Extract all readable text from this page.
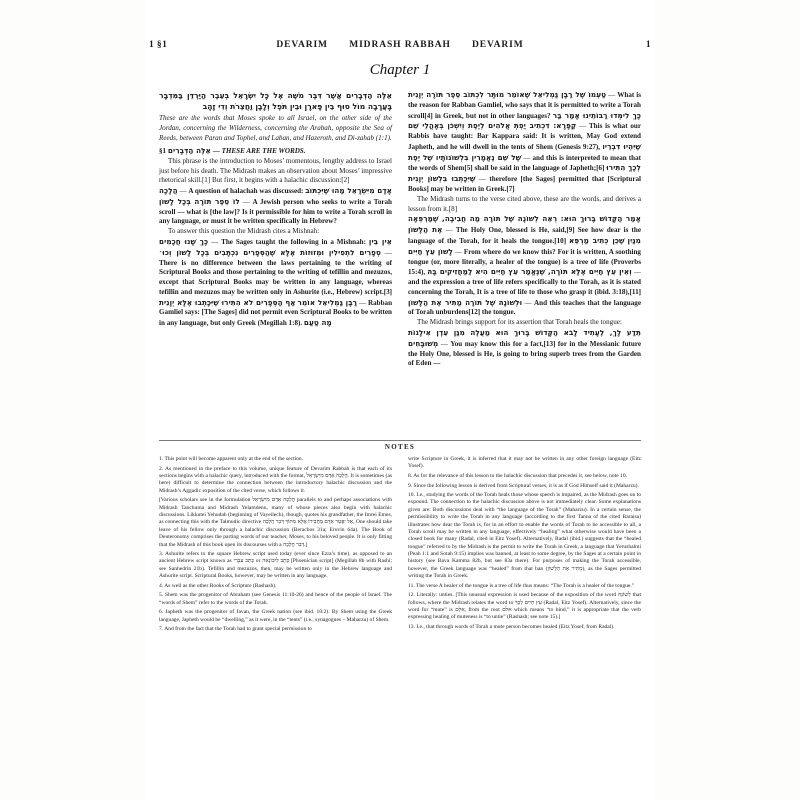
1 §1	DEVARIM MIDRASH RABBAH DEVARIM	1
Chapter 1

אֵלֶּה הַדְּבָרִים אֲשֶׁר דִּבֶּר מֹשֶׁה אֶל כָּל יִשְׂרָאֵל בְּעֵבֶר הַיַּרְדֵּן בַּמִּדְבָּר בָּעֲרָבָה מוֹל סוּף בֵּין פָּארָן וּבֵין תֹּפֶל וְלָבָן וַחֲצֵרֹת וְדִי זָהָב

These are the words that Moses spoke to all Israel, on the other side of the Jordan, concerning the Wilderness, concerning the Arabah, opposite the Sea of Reeds, between Paran and Tophel, and Laban, and Hazeroth, and Di-zahab (1:1).

§1 אֵלֶּה הַדְּבָרִים — THESE ARE THE WORDS.

This phrase is the introduction to Moses’ momentous, lengthy address to Israel just before his death. The Midrash makes an observation about Moses’ impressive rhetorical skill.[1] But first, it begins with a halachic discussion:[2]

הֲלָכָה — A question of halachah was discussed: אָדָם מִיִּשְׂרָאֵל מַהוּ שֶׁיִּכְתּוֹב לוֹ סֵפֶר תּוֹרָה בְּכָל לָשׁוֹן — A Jewish person who seeks to write a Torah scroll — what is [the law]? Is it permissible for him to write a Torah scroll in any language, or must it be written specifically in Hebrew?

To answer this question the Midrash cites a Mishnah:

כָּךְ שָׁנוּ חֲכָמִים — The Sages taught the following in a Mishnah: אֵין בֵּין סְפָרִים לִתְפִילִין וּמְזוּזוֹת אֶלָּא שֶׁהַסְּפָרִים נִכְתָּבִים בְּכָל לָשׁוֹן וְכוּ׳ — There is no difference between the laws pertaining to the writing of Scriptural Books and those pertaining to the writing of tefillin and mezuzos, except that Scriptural Books may be written in any language, whereas tefillin and mezuzos may be written only in Ashurite (i.e., Hebrew) script.[3] רַבָּן גַּמְלִיאֵל אוֹמֵר אַף הַסְּפָרִים לֹא הִתִּירוּ שֶׁיִּכָּתְבוּ אֶלָּא יְוָנִית	— Rabban Gamliel says: [The Sages] did not permit even Scriptural Books to be written in any language, but only Greek (Megillah 1:8). מָה טַעַם

טַעְמוֹ שֶׁל רַבָּן גַּמְלִיאֵל שֶׁאוֹמֵר מוּתָּר לִכְתּוֹב סֵפֶר תּוֹרָה יְוָנִית — What is the reason for Rabban Gamliel, who says that it is permitted to write a Torah scroll[4] in Greek, but not in other languages? כָּךְ לִימְּדוּ רַבּוֹתֵינוּ אָמַר בַּר קַפָּרָא: דִּכְתִיב יַפְתְּ אֱלֹהִים לְיֶפֶת וְיִשְׁכֹּן בְּאָהֳלֵי שֵׁם — This is what our Rabbis have taught: Bar Kappara said: It is written, May God extend Japheth, and he will dwell in the tents of Shem (Genesis 9:27), שֶׁיִּהְיוּ דִּבְרֵיו שֶׁל שֵׁם נֶאֱמָרִין בִּלְשׁוֹנוֹתָיו שֶׁל יֶפֶת — and this is interpreted to mean that the words of Shem[5] shall be said in the language of Japheth;[6] לְכָךְ הִתִּירוּ שֶׁיִּכָּתְבוּ בִּלְשׁוֹן יְוָנִית — therefore [the Sages] permitted that [Scriptural Books] may be written in Greek.[7]

The Midrash turns to the verse cited above, these are the words, and derives a lesson from it.[8]

אָמַר הַקָּדוֹשׁ בָּרוּךְ הוּא: רְאֵה לְשׁוֹנָהּ שֶׁל תּוֹרָה מַה חֲבִיבָה, שֶׁמַּרְפְּאָה אֶת הַלָּשׁוֹן — The Holy One, blessed is He, said,[9] See how dear is the language of the Torah, for it heals the tongue.[10]	מִנַּיִן שֶׁכֵּן כְּתִיב מַרְפֵּא לָשׁוֹן עֵץ חַיִּים — From where do we know this? For it is written, A soothing tongue (or, more literally, a healer of the tongue) is a tree of life (Proverbs 15:4), וְאֵין עֵץ חַיִּים אֶלָּא תּוֹרָה, שֶׁנֶּאֱמַר עֵץ חַיִּים הִיא לַמַּחֲזִיקִים בָּהּ — and the expression a tree of life refers specifically to the Torah, as it is stated concerning the Torah, It is a tree of life to those who grasp it (ibid. 3:18),[11] וּלְשׁוֹנָהּ שֶׁל תּוֹרָה מַתִּיר אֶת הַלָּשׁוֹן — And this teaches that the language of Torah unburdens[12] the tongue.

The Midrash brings support for its assertion that Torah heals the tongue:

תֵּדַע לָךְ, לֶעָתִיד לָבֹא הַקָּדוֹשׁ בָּרוּךְ הוּא מַעֲלֶה מִגַּן עֵדֶן אִילָנוֹת מְשׁוּבָּחִים — You may know this for a fact,[13] for in the Messianic future the Holy One, blessed is He, is going to bring superb trees from the Garden of Eden —

NOTES

1. This point will become apparent only at the end of the section.

2. As mentioned in the preface to this volume, unique feature of Devarim Rabbah is that each of its sections begins with a halachic query, introduced with the format, הֲלָכָה אָדָם מִיִּשְׂרָאֵל. It is sometimes (as here) difficult to determine the connection between the introductory halachic discussion and the Midrash’s Aggadic exposition of the cited verse, which follows it.

[Various scholars see in the formulation הֲלָכָה אָדָם מִיִּשְׂרָאֵל parallels to and perhaps associations with Midrash Tanchuma and Midrash Yelamdenu, many of whose pieces also begin with halachic discussions. Likkutei Yehudah (beginning of Vayeilech), though, quotes his grandfather, the Imrei Emes, as connecting this with the Talmudic directive אַל יִפָּטֵר אָדָם מֵחֲבֵירוֹ אֶלָּא מִתּוֹךְ דְּבַר הֲלָכָה, One should take leave of his fellow only through a halachic discussion (Berachos 31a; Eruvin 64a). The Book of Deuteronomy comprises the parting words of our teacher, Moses, to his beloved people. It is only fitting that the Midrash of this book open its discourses with a דְּבַר הֲלָכָה.]

3. Ashurite refers to the square Hebrew script used today (ever since Ezra’s time), as opposed to an ancient Hebrew script known as כְּתַב עִבְרִי or כְּתַב לִיבוֹנָאָה [Phoenician script] (Megillah 8b with Rashi; see Sanhedrin 21b). Tefillin and mezuzos, then, may be written only in the Hebrew language and Ashurite script. Scriptural Books, however, may be written in any language.

4. As well as the other Books of Scripture (Rashash).

5. Shem was the progenitor of Abraham (see Genesis 11:10-26) and hence of the people of Israel. The “words of Shem” refer to the words of the Torah.

6. Japheth was the progenitor of Javan, the Greek nation (see ibid. 10:2). By Shem using the Greek language, Japheth would be “dwelling,” as it were, in the “tents” (i.e., synagogues – Maharzu) of Shem.

7. And from the fact that the Torah had to grant special permission to

write Scripture in Greek, it is inferred that it may not be written in any other foreign language (Eitz Yosef).

8. As for the relevance of this lesson to the halachic discussion that precedes it, see below, note 10.

9. Since the following lesson is derived from Scriptural verses, it is as if God Himself said it (Maharzu).

10. I.e., studying the words of the Torah heals those whose speech is impaired, as the Midrash goes on to expound. The connection to the halachic discussion above is not immediately clear. Some explanations given are: Both discussions deal with “the language of the Torah” (Maharzu). In a certain sense, the permissibility to write the Torah in any language (according to the first Tanna of the cited Baraisa) illustrates how dear the Torah is, for in an effort to enable the words of Torah to be accessible to all, a Torah scroll may be written in any language, effectively “healing” what otherwise would have been a closed book for many (Radal, cited in Eitz Yosef). Alternatively, Radal (ibid.) suggests that the “healed tongue” referred to by the Midrash is the permit to write the Torah in Greek, a language that Yerushalmi (Peah 1:1 and Sotah 9:15) implies was banned, at least to some degree, by the Sages at a certain point in history (see Bava Kamma 82b, but see 83a there). For purposes of making the Torah accessible, however, the Greek language was “healed” from that ban (מַתִּיר אֶת הַלָּשׁוֹן), as the Sages permitted writing the Torah in Greek.

11. The verse A healer of the tongue is a tree of life thus means: “The Torah is a healer of the tongue.”

12. Literally: unties. [This unusual expression is used because of the exposition of the word לְשׁוֹנָהּ that follows, where the Midrash relates the word to עֵץ חַיִּים לְכָךְ (Radal, Eitz Yosef). Alternatively, since the word for “mute” is אִלֵּם, from the root אלם which means “to bind,” it is appropriate that the verb expressing healing of muteness is “to untie” (Rashash; see note 15).]

13. I.e., that through words of Torah a mute person becomes healed (Eitz Yosef, from Radal).
